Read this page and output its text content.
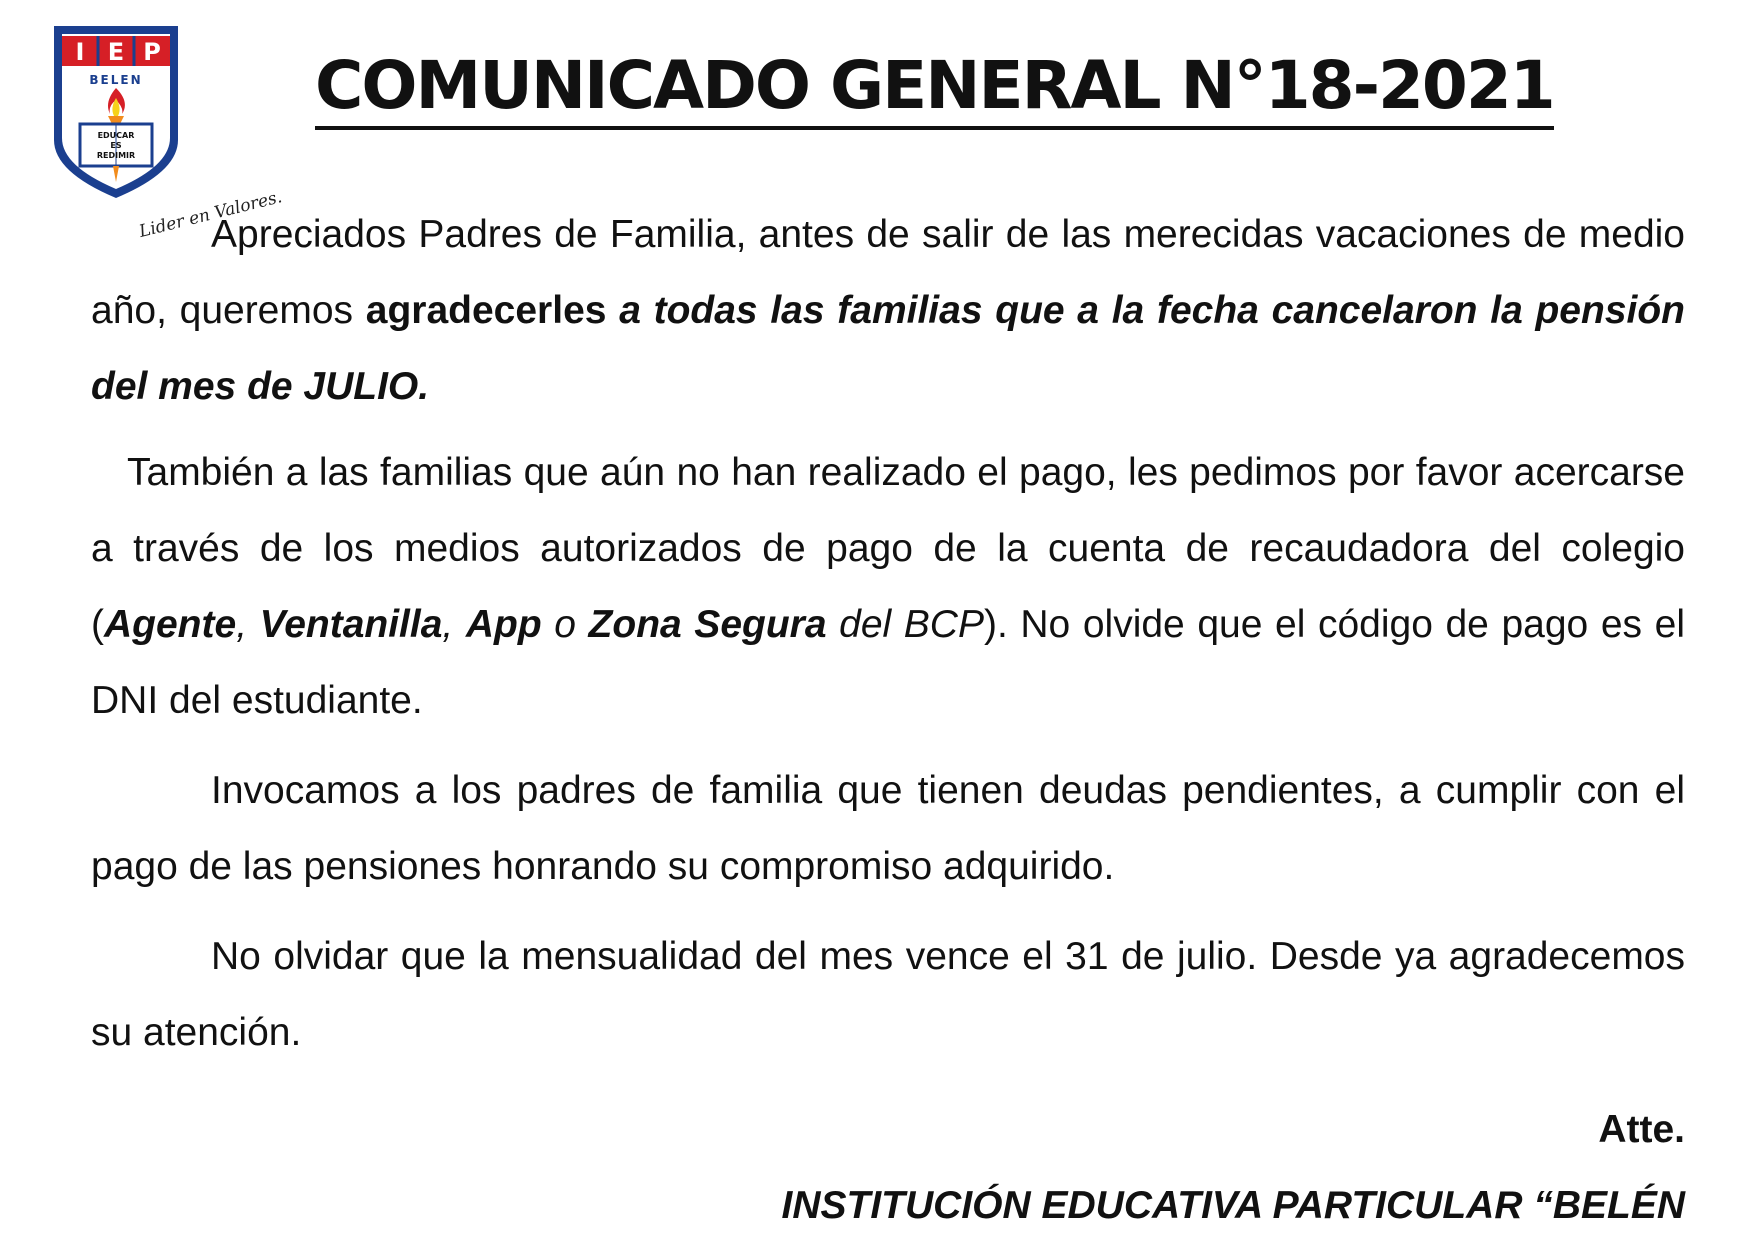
I E P
BELEN
EDUCAR
ES
REDIMIR
Lider en Valores.
COMUNICADO GENERAL N°18-2021

Apreciados Padres de Familia, antes de salir de las merecidas vacaciones de medio año, queremos agradecerles a todas las familias que a la fecha cancelaron la pensión del mes de JULIO.

También a las familias que aún no han realizado el pago, les pedimos por favor acercarse a través de los medios autorizados de pago de la cuenta de recaudadora del colegio (Agente, Ventanilla, App o Zona Segura del BCP). No olvide que el código de pago es el DNI del estudiante.

Invocamos a los padres de familia que tienen deudas pendientes, a cumplir con el pago de las pensiones honrando su compromiso adquirido.

No olvidar que la mensualidad del mes vence el 31 de julio. Desde ya agradecemos su atención.

Atte.
INSTITUCIÓN EDUCATIVA PARTICULAR “BELÉN
